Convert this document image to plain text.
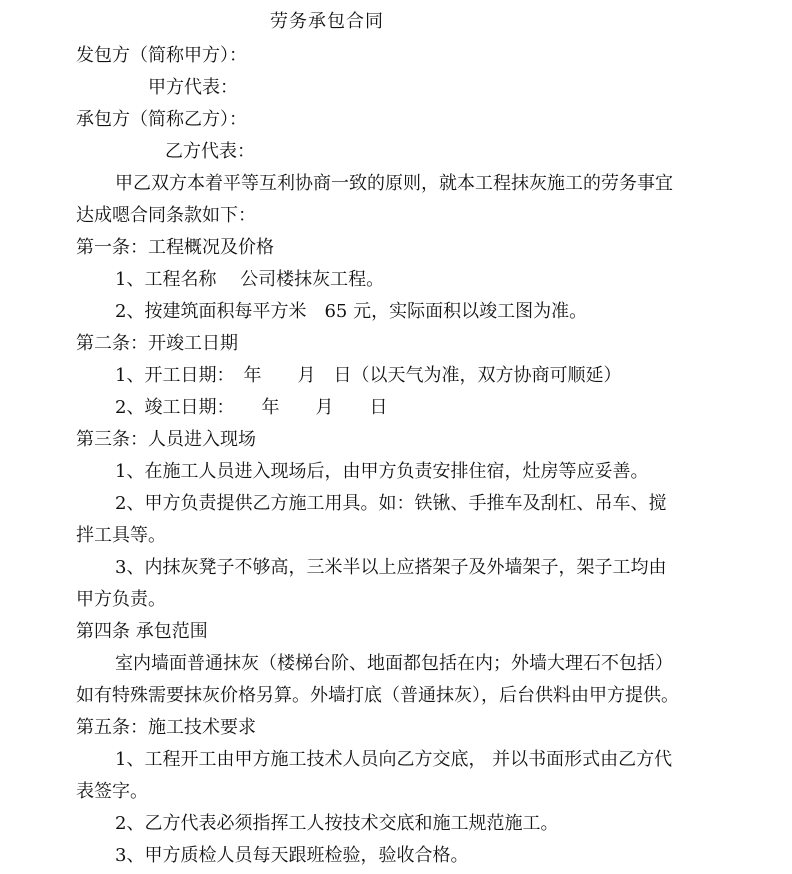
劳务承包合同
发包方（简称甲方）：
甲方代表：
承包方（简称乙方）：
乙方代表：
甲乙双方本着平等互利协商一致的原则，就本工程抹灰施工的劳务事宜
达成嗯合同条款如下：
第一条：工程概况及价格
1、工程名称　 公司楼抹灰工程。
2、按建筑面积每平方米　65 元，实际面积以竣工图为准。
第二条：开竣工日期
1、开工日期：　年　　月　日（以天气为准，双方协商可顺延）
2、竣工日期：　　年　　月　　日
第三条：人员进入现场
1、在施工人员进入现场后，由甲方负责安排住宿，灶房等应妥善。
2、甲方负责提供乙方施工用具。如：铁锹、手推车及刮杠、吊车、搅
拌工具等。
3、内抹灰凳子不够高，三米半以上应搭架子及外墙架子，架子工均由
甲方负责。
第四条 承包范围
室内墙面普通抹灰（楼梯台阶、地面都包括在内；外墙大理石不包括）
如有特殊需要抹灰价格另算。外墙打底（普通抹灰），后台供料由甲方提供。
第五条：施工技术要求
1、工程开工由甲方施工技术人员向乙方交底， 并以书面形式由乙方代
表签字。
2、乙方代表必须指挥工人按技术交底和施工规范施工。
3、甲方质检人员每天跟班检验，验收合格。
